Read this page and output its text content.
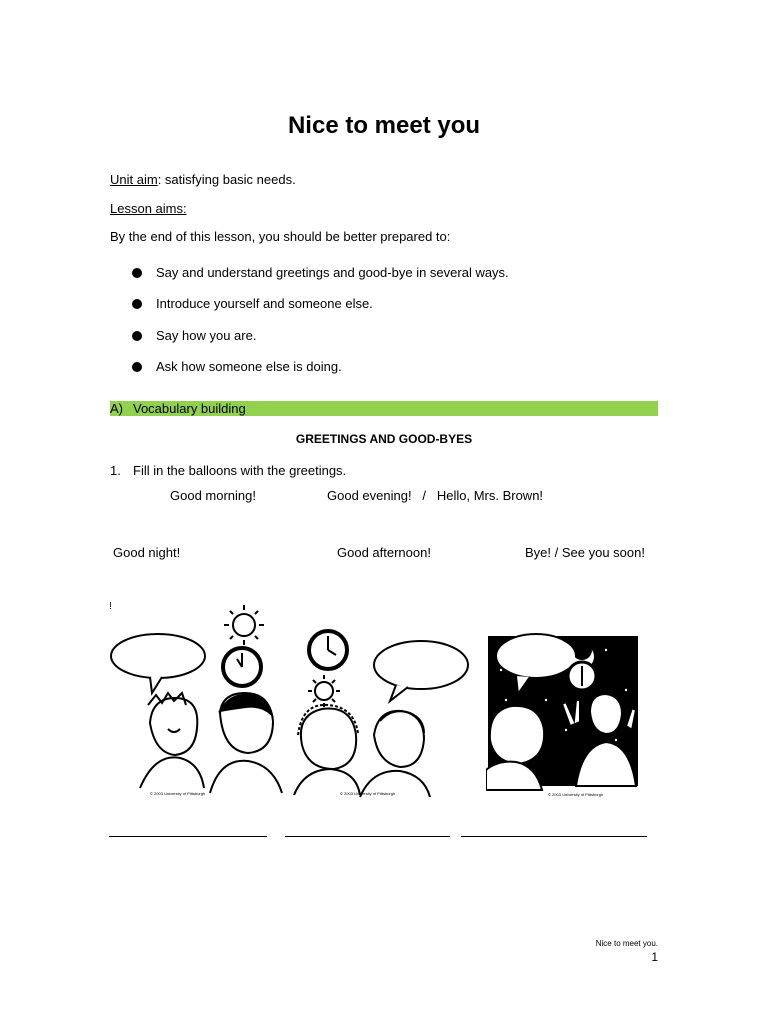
Nice to meet you
Unit aim: satisfying basic needs.
Lesson aims:
By the end of this lesson, you should be better prepared to:
Say and understand greetings and good-bye in several ways.
Introduce yourself and someone else.
Say how you are.
Ask how someone else is doing.
A) Vocabulary building
GREETINGS AND GOOD-BYES
1. Fill in the balloons with the greetings.
Good morning!	Good evening!   /   Hello, Mrs. Brown!
Good night!	Good afternoon!	Bye! / See you soon!
!
© 2003 University of Pittsburgh	© 2003 University of Pittsburgh	© 2003 University of Pittsburgh
Nice to meet you.
1
